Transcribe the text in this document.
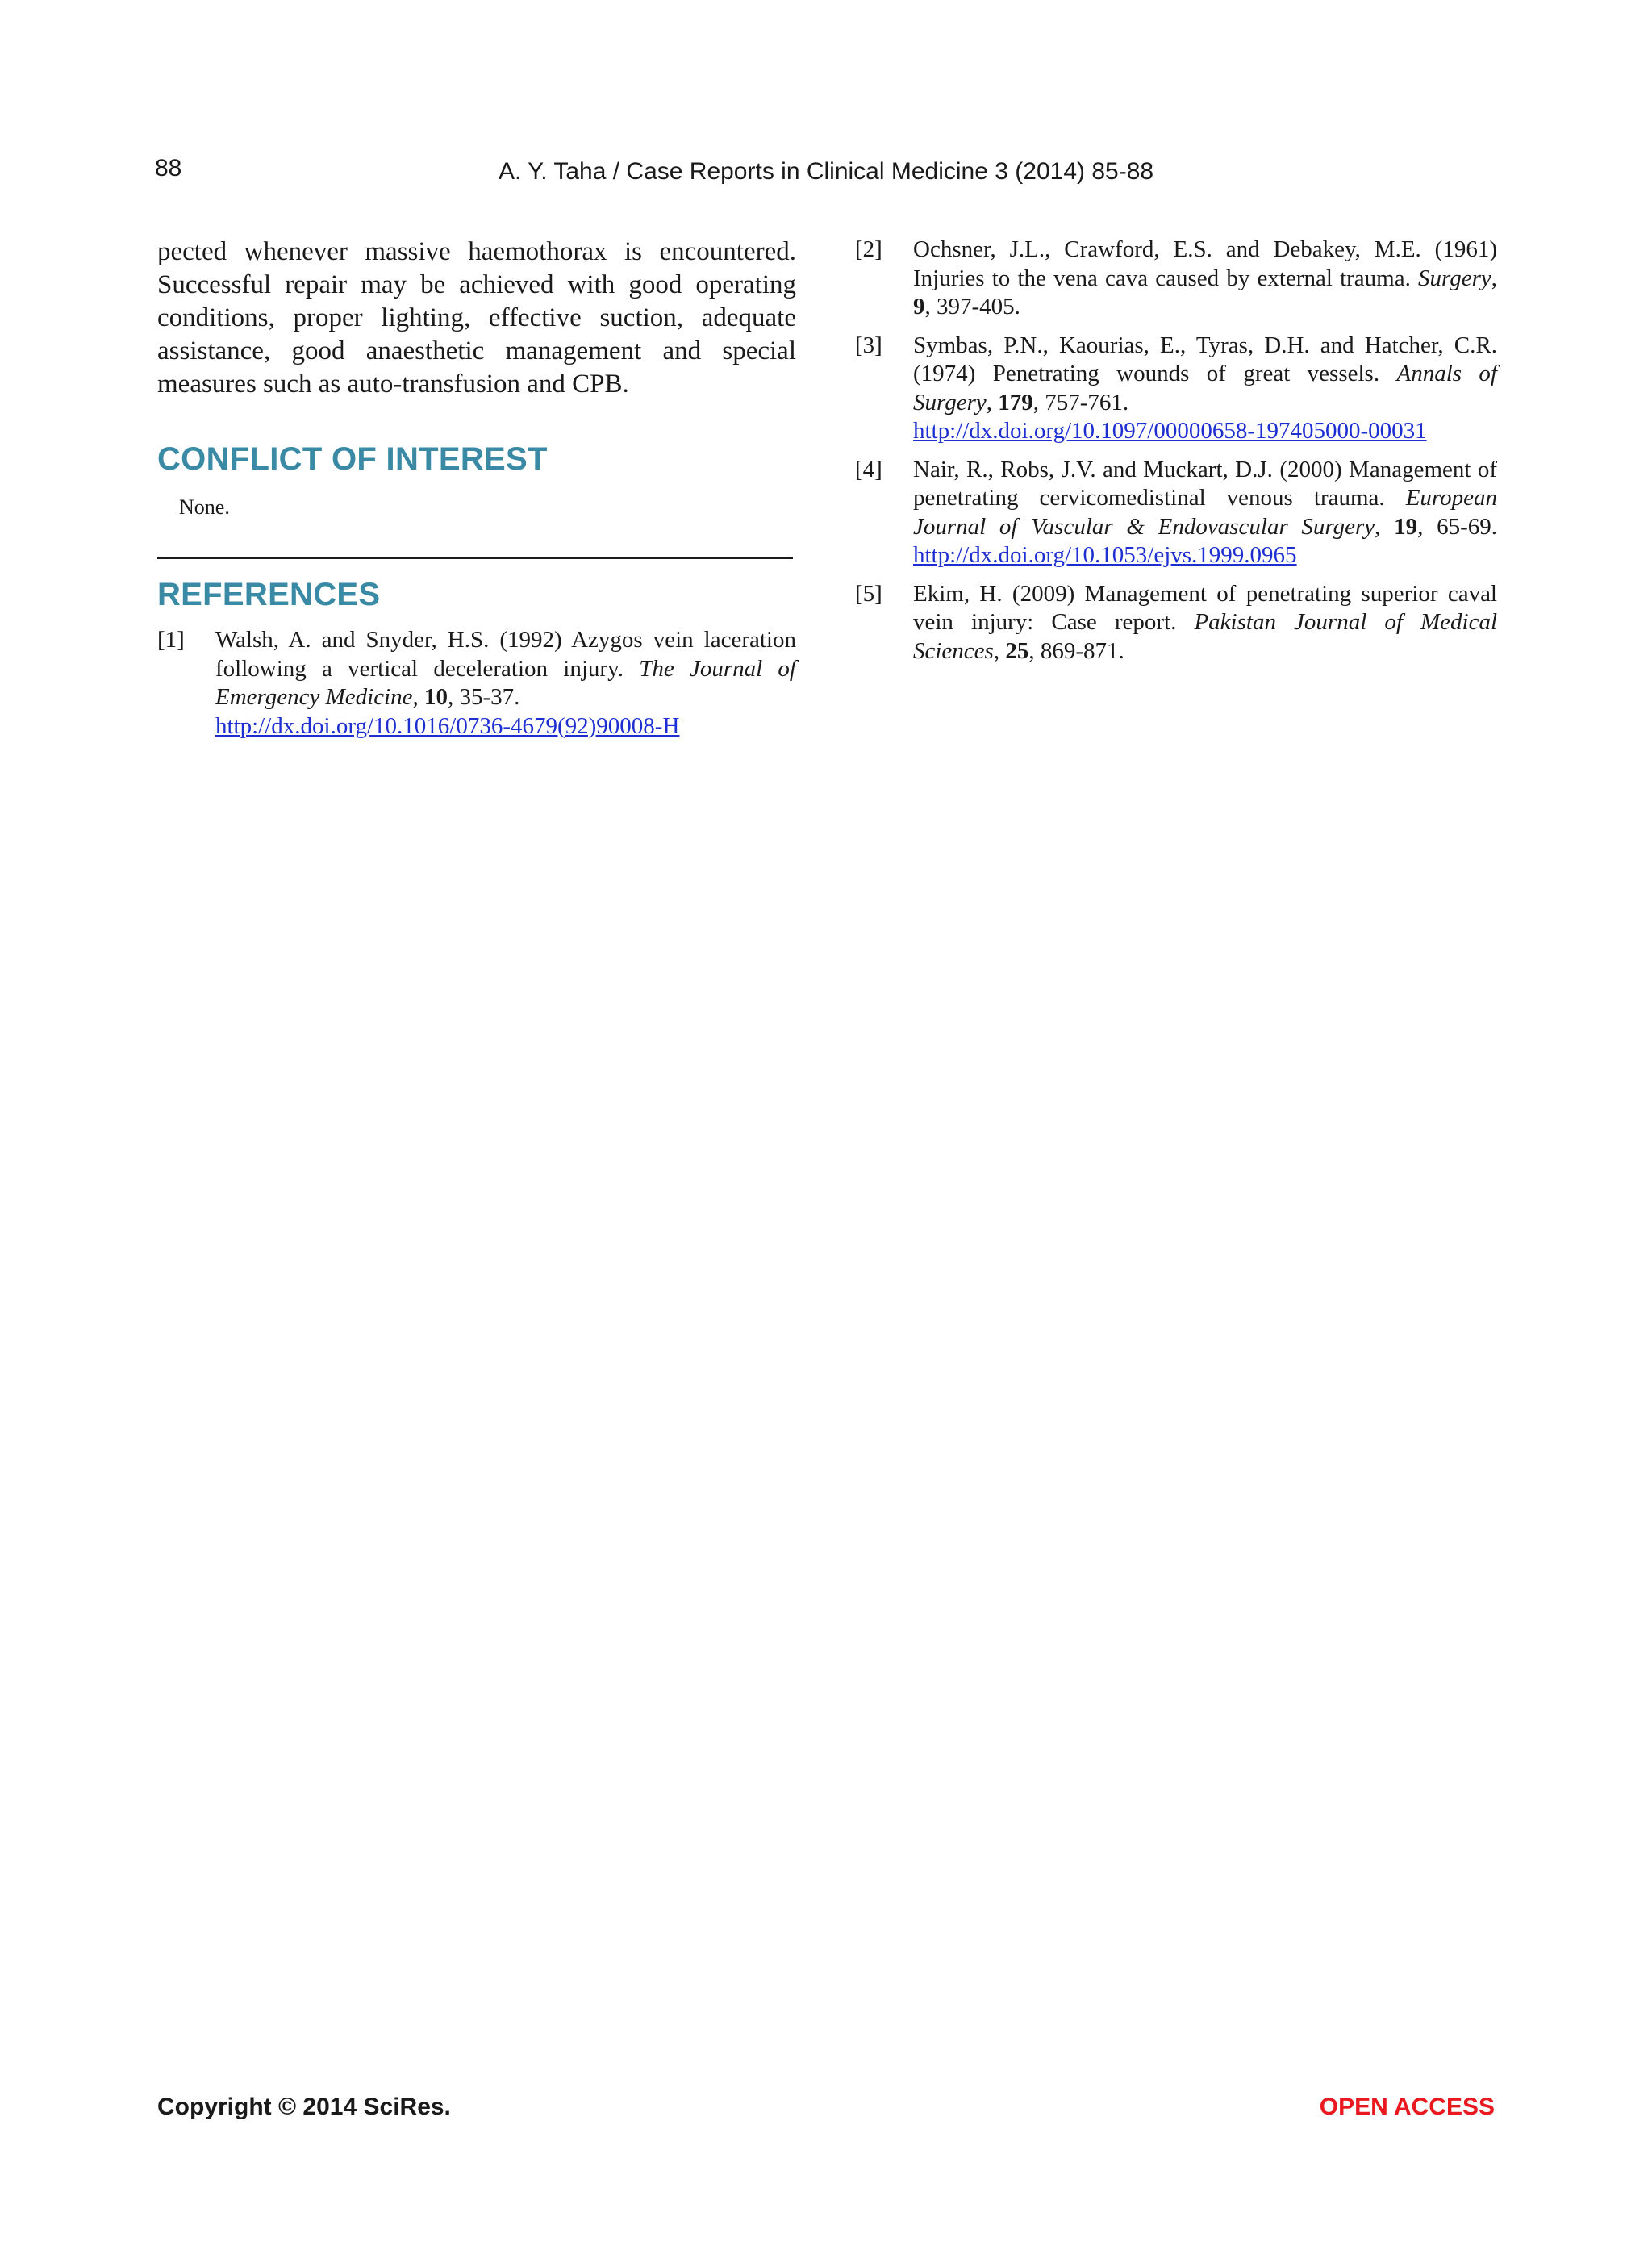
88	A. Y. Taha / Case Reports in Clinical Medicine 3 (2014) 85-88

pected whenever massive haemothorax is encountered. Successful repair may be achieved with good operating conditions, proper lighting, effective suction, adequate assistance, good anaesthetic management and special measures such as auto-transfusion and CPB.

CONFLICT OF INTEREST

None.

REFERENCES
[1] Walsh, A. and Snyder, H.S. (1992) Azygos vein laceration following a vertical deceleration injury. The Journal of Emergency Medicine, 10, 35-37.
http://dx.doi.org/10.1016/0736-4679(92)90008-H
[2] Ochsner, J.L., Crawford, E.S. and Debakey, M.E. (1961) Injuries to the vena cava caused by external trauma. Surgery, 9, 397-405.
[3] Symbas, P.N., Kaourias, E., Tyras, D.H. and Hatcher, C.R. (1974) Penetrating wounds of great vessels. Annals of Surgery, 179, 757-761.
http://dx.doi.org/10.1097/00000658-197405000-00031
[4] Nair, R., Robs, J.V. and Muckart, D.J. (2000) Management of penetrating cervicomedistinal venous trauma. European Journal of Vascular & Endovascular Surgery, 19, 65-69. http://dx.doi.org/10.1053/ejvs.1999.0965
[5] Ekim, H. (2009) Management of penetrating superior caval vein injury: Case report. Pakistan Journal of Medical Sciences, 25, 869-871.
Copyright © 2014 SciRes.	OPEN ACCESS
